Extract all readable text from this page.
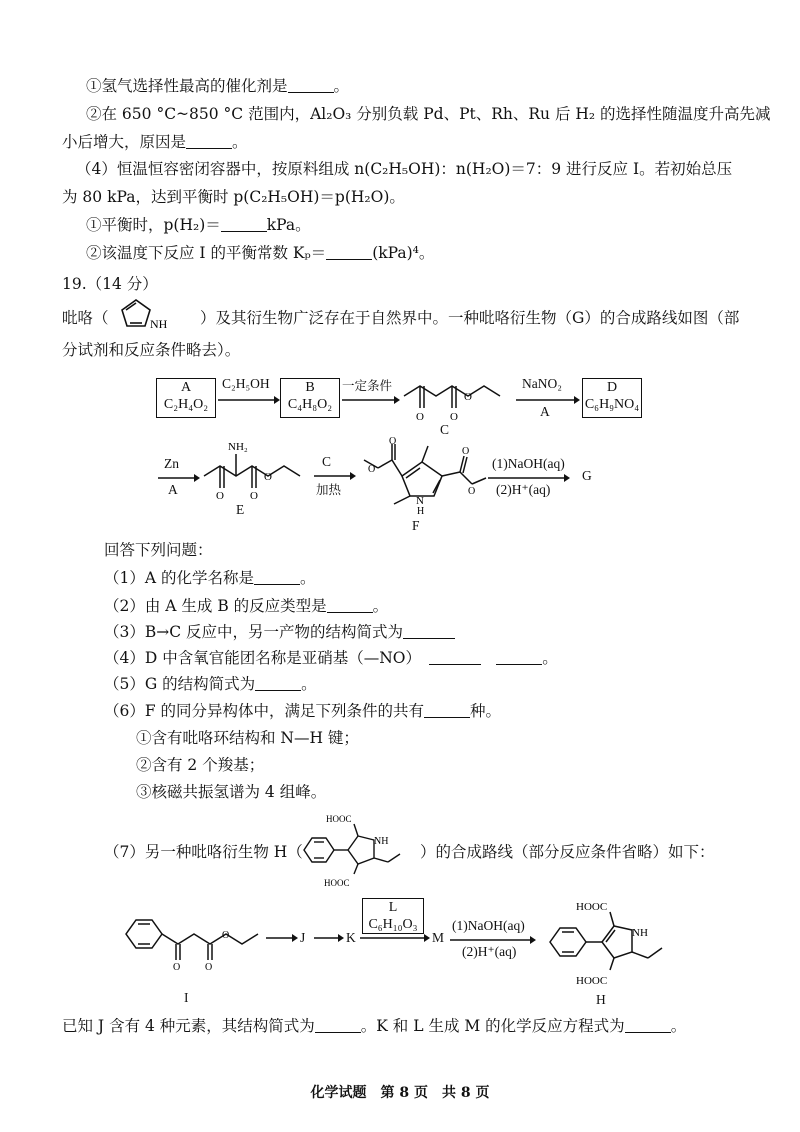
①氢气选择性最高的催化剂是	。
②在 650 °C~850 °C 范围内，Al₂O₃ 分别负载 Pd、Pt、Rh、Ru 后 H₂ 的选择性随温度升高先减
小后增大，原因是	。
（4）恒温恒容密闭容器中，按原料组成 n(C₂H₅OH)：n(H₂O)＝7：9 进行反应 I。若初始总压
为 80 kPa，达到平衡时 p(C₂H₅OH)＝p(H₂O)。
①平衡时，p(H₂)＝	kPa。
②该温度下反应 I 的平衡常数 Kₚ＝	(kPa)⁴。
19.（14 分）
吡咯（	NH ）及其衍生物广泛存在于自然界中。一种吡咯衍生物（G）的合成路线如图（部
分试剂和反应条件略去）。
A
C₂H₄O₂
C₂H₅OH	B
C₄H₈O₂
一定条件
O O
O
C
NaNO₂
A
D
C₆H₉NO₄
Zn
A
NH₂
O O
O
E
C
加热
O
O
O
O
N
H
F
(1)NaOH(aq)
(2)H⁺(aq)
G
回答下列问题：
（1）A 的化学名称是	。
（2）由 A 生成 B 的反应类型是	。
（3）B→C 反应中，另一产物的结构简式为
（4）D 中含氧官能团名称是亚硝基（—NO）　　	。
（5）G 的结构简式为	。
（6）F 的同分异构体中，满足下列条件的共有	种。
①含有吡咯环结构和 N—H 键；
②含有 2 个羧基；
③核磁共振氢谱为 4 组峰。
（7）另一种吡咯衍生物 H（
HOOC
NH
HOOC
）的合成路线（部分反应条件省略）如下：
O O
O
I
J	K
L
C₆H₁₀O₃
M
(1)NaOH(aq)
(2)H⁺(aq)
HOOC
NH
HOOC
H
已知 J 含有 4 种元素，其结构简式为	。K 和 L 生成 M 的化学反应方程式为	。
化学试题　第 8 页　共 8 页
